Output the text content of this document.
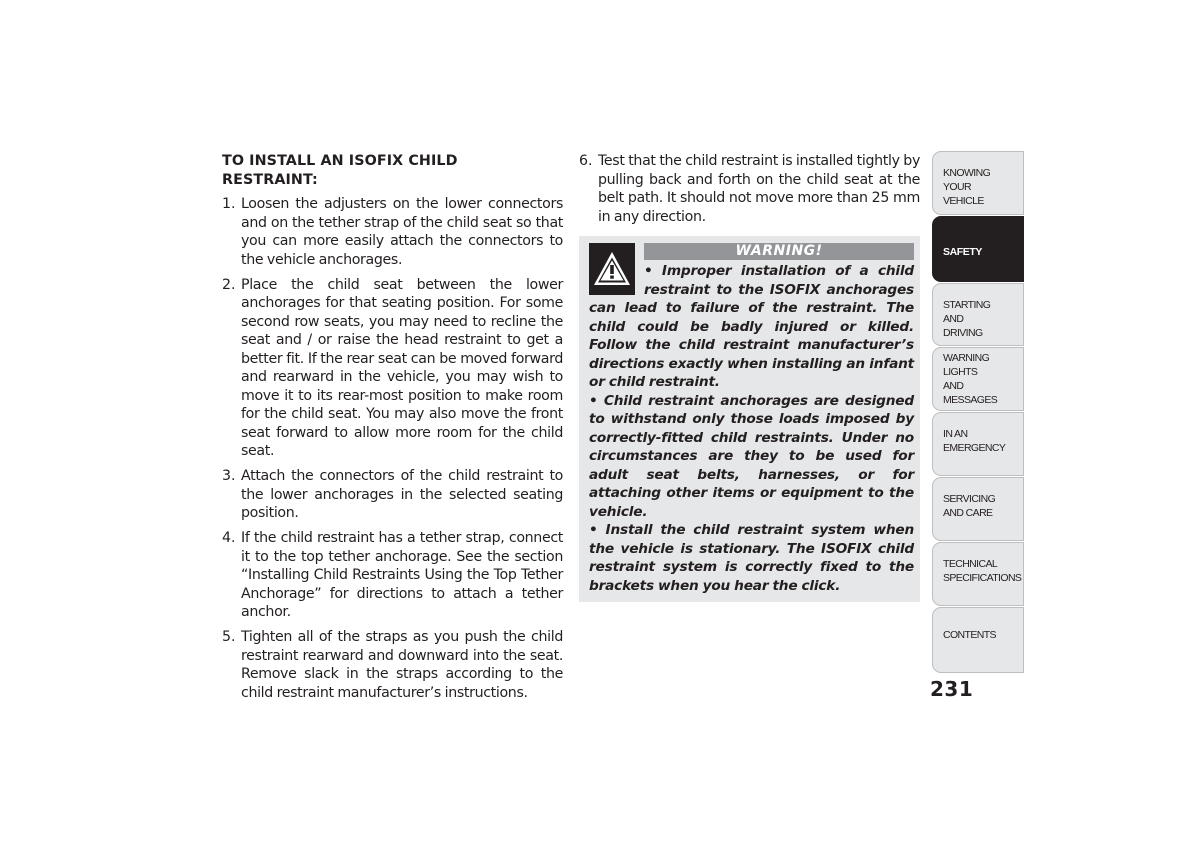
TO INSTALL AN ISOFIX CHILD
RESTRAINT:
1. Loosen the adjusters on the lower connectors and on the tether strap of the child seat so that you can more easily attach the connectors to the vehicle anchorages.
2. Place the child seat between the lower anchorages for that seating position. For some second row seats, you may need to recline the seat and / or raise the head restraint to get a better fit. If the rear seat can be moved forward and rearward in the vehicle, you may wish to move it to its rear-most position to make room for the child seat. You may also move the front seat forward to allow more room for the child seat.
3. Attach the connectors of the child restraint to the lower anchorages in the selected seating position.
4. If the child restraint has a tether strap, connect it to the top tether anchorage. See the section “Installing Child Restraints Using the Top Tether Anchorage” for directions to attach a tether anchor.
5. Tighten all of the straps as you push the child restraint rearward and downward into the seat. Remove slack in the straps according to the child restraint manufacturer’s instructions.
6. Test that the child restraint is installed tightly by pulling back and forth on the child seat at the belt path. It should not move more than 25 mm in any direction.
WARNING!

• Improper installation of a child restraint to the ISOFIX anchorages can lead to failure of the restraint. The child could be badly injured or killed. Follow the child restraint manufacturer’s directions exactly when installing an infant or child restraint.

• Child restraint anchorages are designed to withstand only those loads imposed by correctly-fitted child restraints. Under no circumstances are they to be used for adult seat belts, harnesses, or for attaching other items or equipment to the vehicle.

• Install the child restraint system when the vehicle is stationary. The ISOFIX child restraint system is correctly fixed to the brackets when you hear the click.

KNOWING
YOUR
VEHICLE
SAFETY
STARTING
AND
DRIVING
WARNING
LIGHTS
AND
MESSAGES
IN AN
EMERGENCY
SERVICING
AND CARE
TECHNICAL
SPECIFICATIONS
CONTENTS
231
